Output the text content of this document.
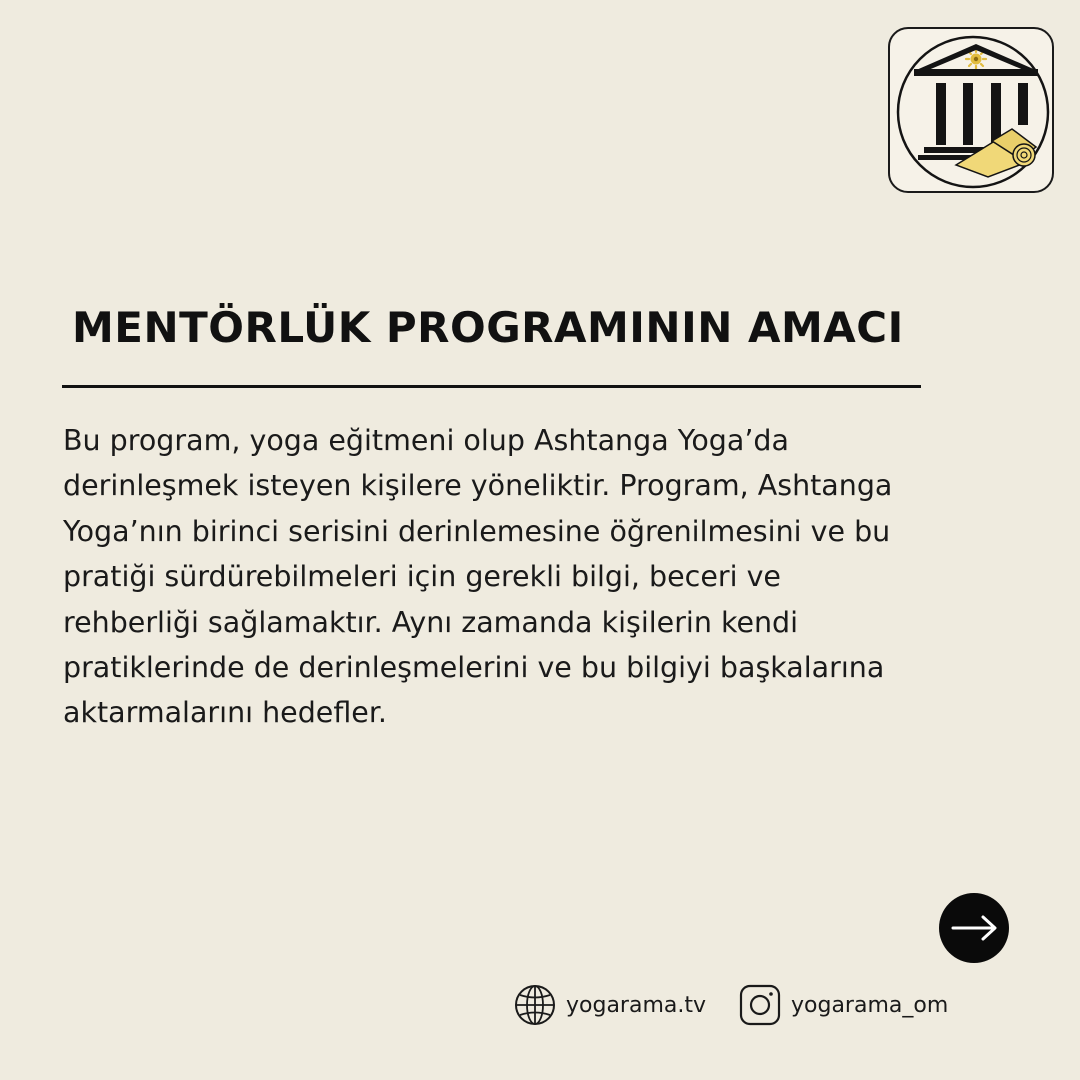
MENTÖRLÜK PROGRAMININ AMACI

Bu program, yoga eğitmeni olup Ashtanga Yoga’da
derinleşmek isteyen kişilere yöneliktir. Program, Ashtanga
Yoga’nın birinci serisini derinlemesine öğrenilmesini ve bu
pratiği sürdürebilmeleri için gerekli bilgi, beceri ve
rehberliği sağlamaktır. Aynı zamanda kişilerin kendi
pratiklerinde de derinleşmelerini ve bu bilgiyi başkalarına
aktarmalarını hedefler.

yogarama.tv	yogarama_om
